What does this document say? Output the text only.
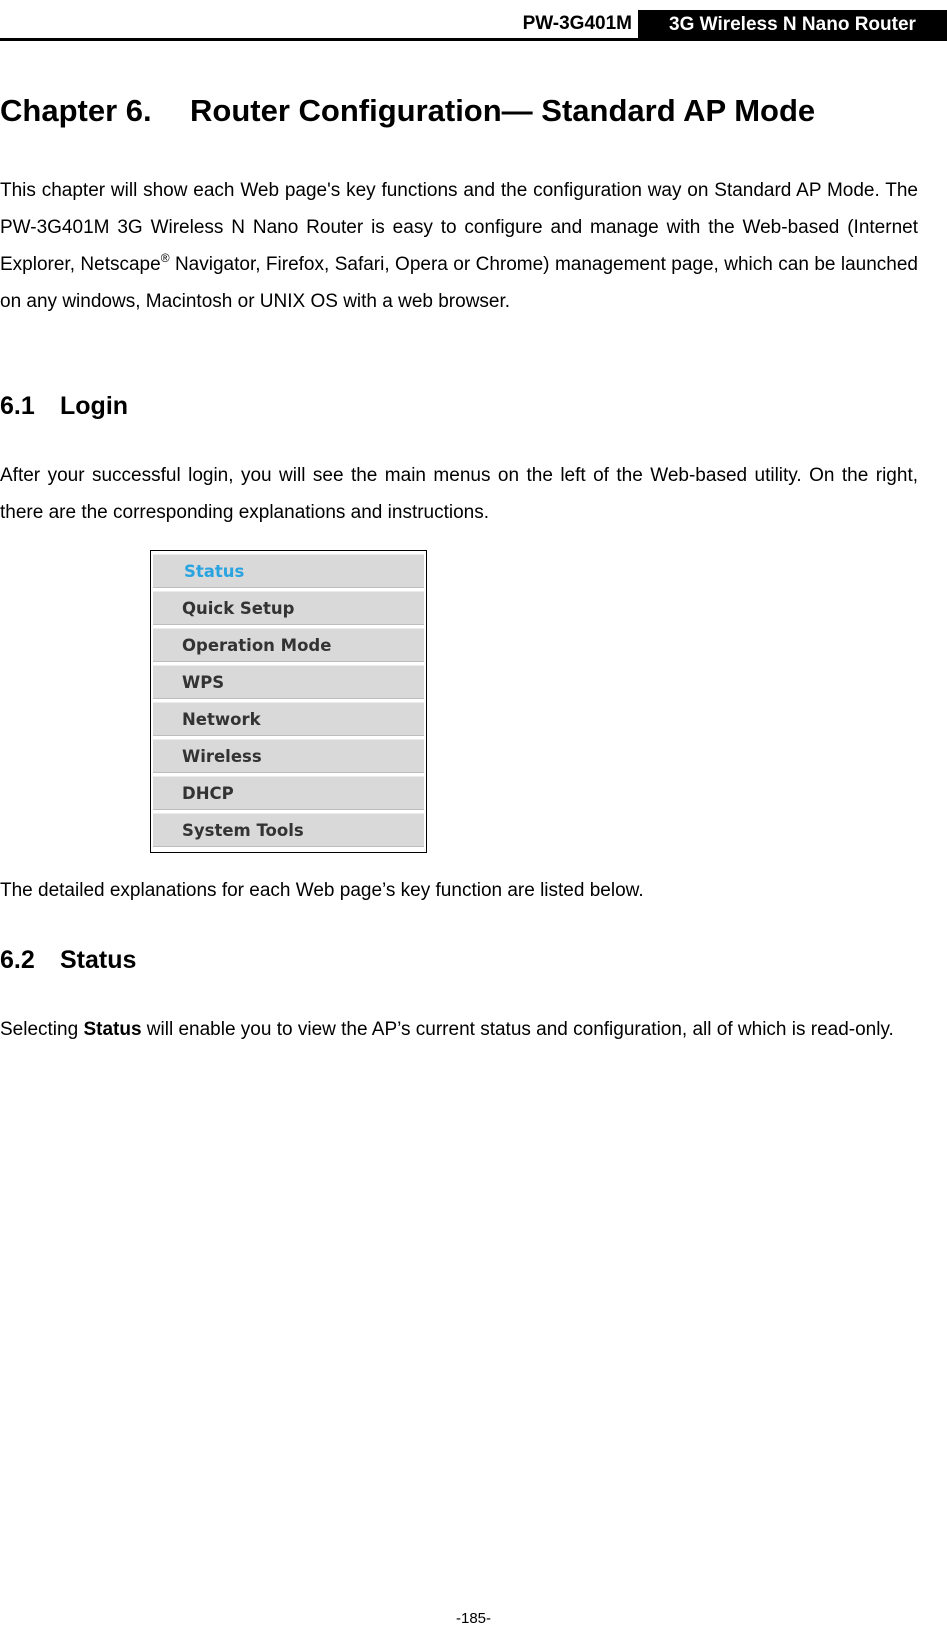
PW-3G401M	3G Wireless N Nano Router
Chapter 6. Router Configuration— Standard AP Mode

This chapter will show each Web page's key functions and the configuration way on Standard AP Mode. The PW-3G401M 3G Wireless N Nano Router is easy to configure and manage with the Web-based (Internet Explorer, Netscape® Navigator, Firefox, Safari, Opera or Chrome) management page, which can be launched on any windows, Macintosh or UNIX OS with a web browser.

6.1 Login

After your successful login, you will see the main menus on the left of the Web-based utility. On the right, there are the corresponding explanations and instructions.

Status
Quick Setup
Operation Mode
WPS
Network
Wireless
DHCP
System Tools

The detailed explanations for each Web page’s key function are listed below.

6.2 Status

Selecting Status will enable you to view the AP’s current status and configuration, all of which is read-only.

-185-
